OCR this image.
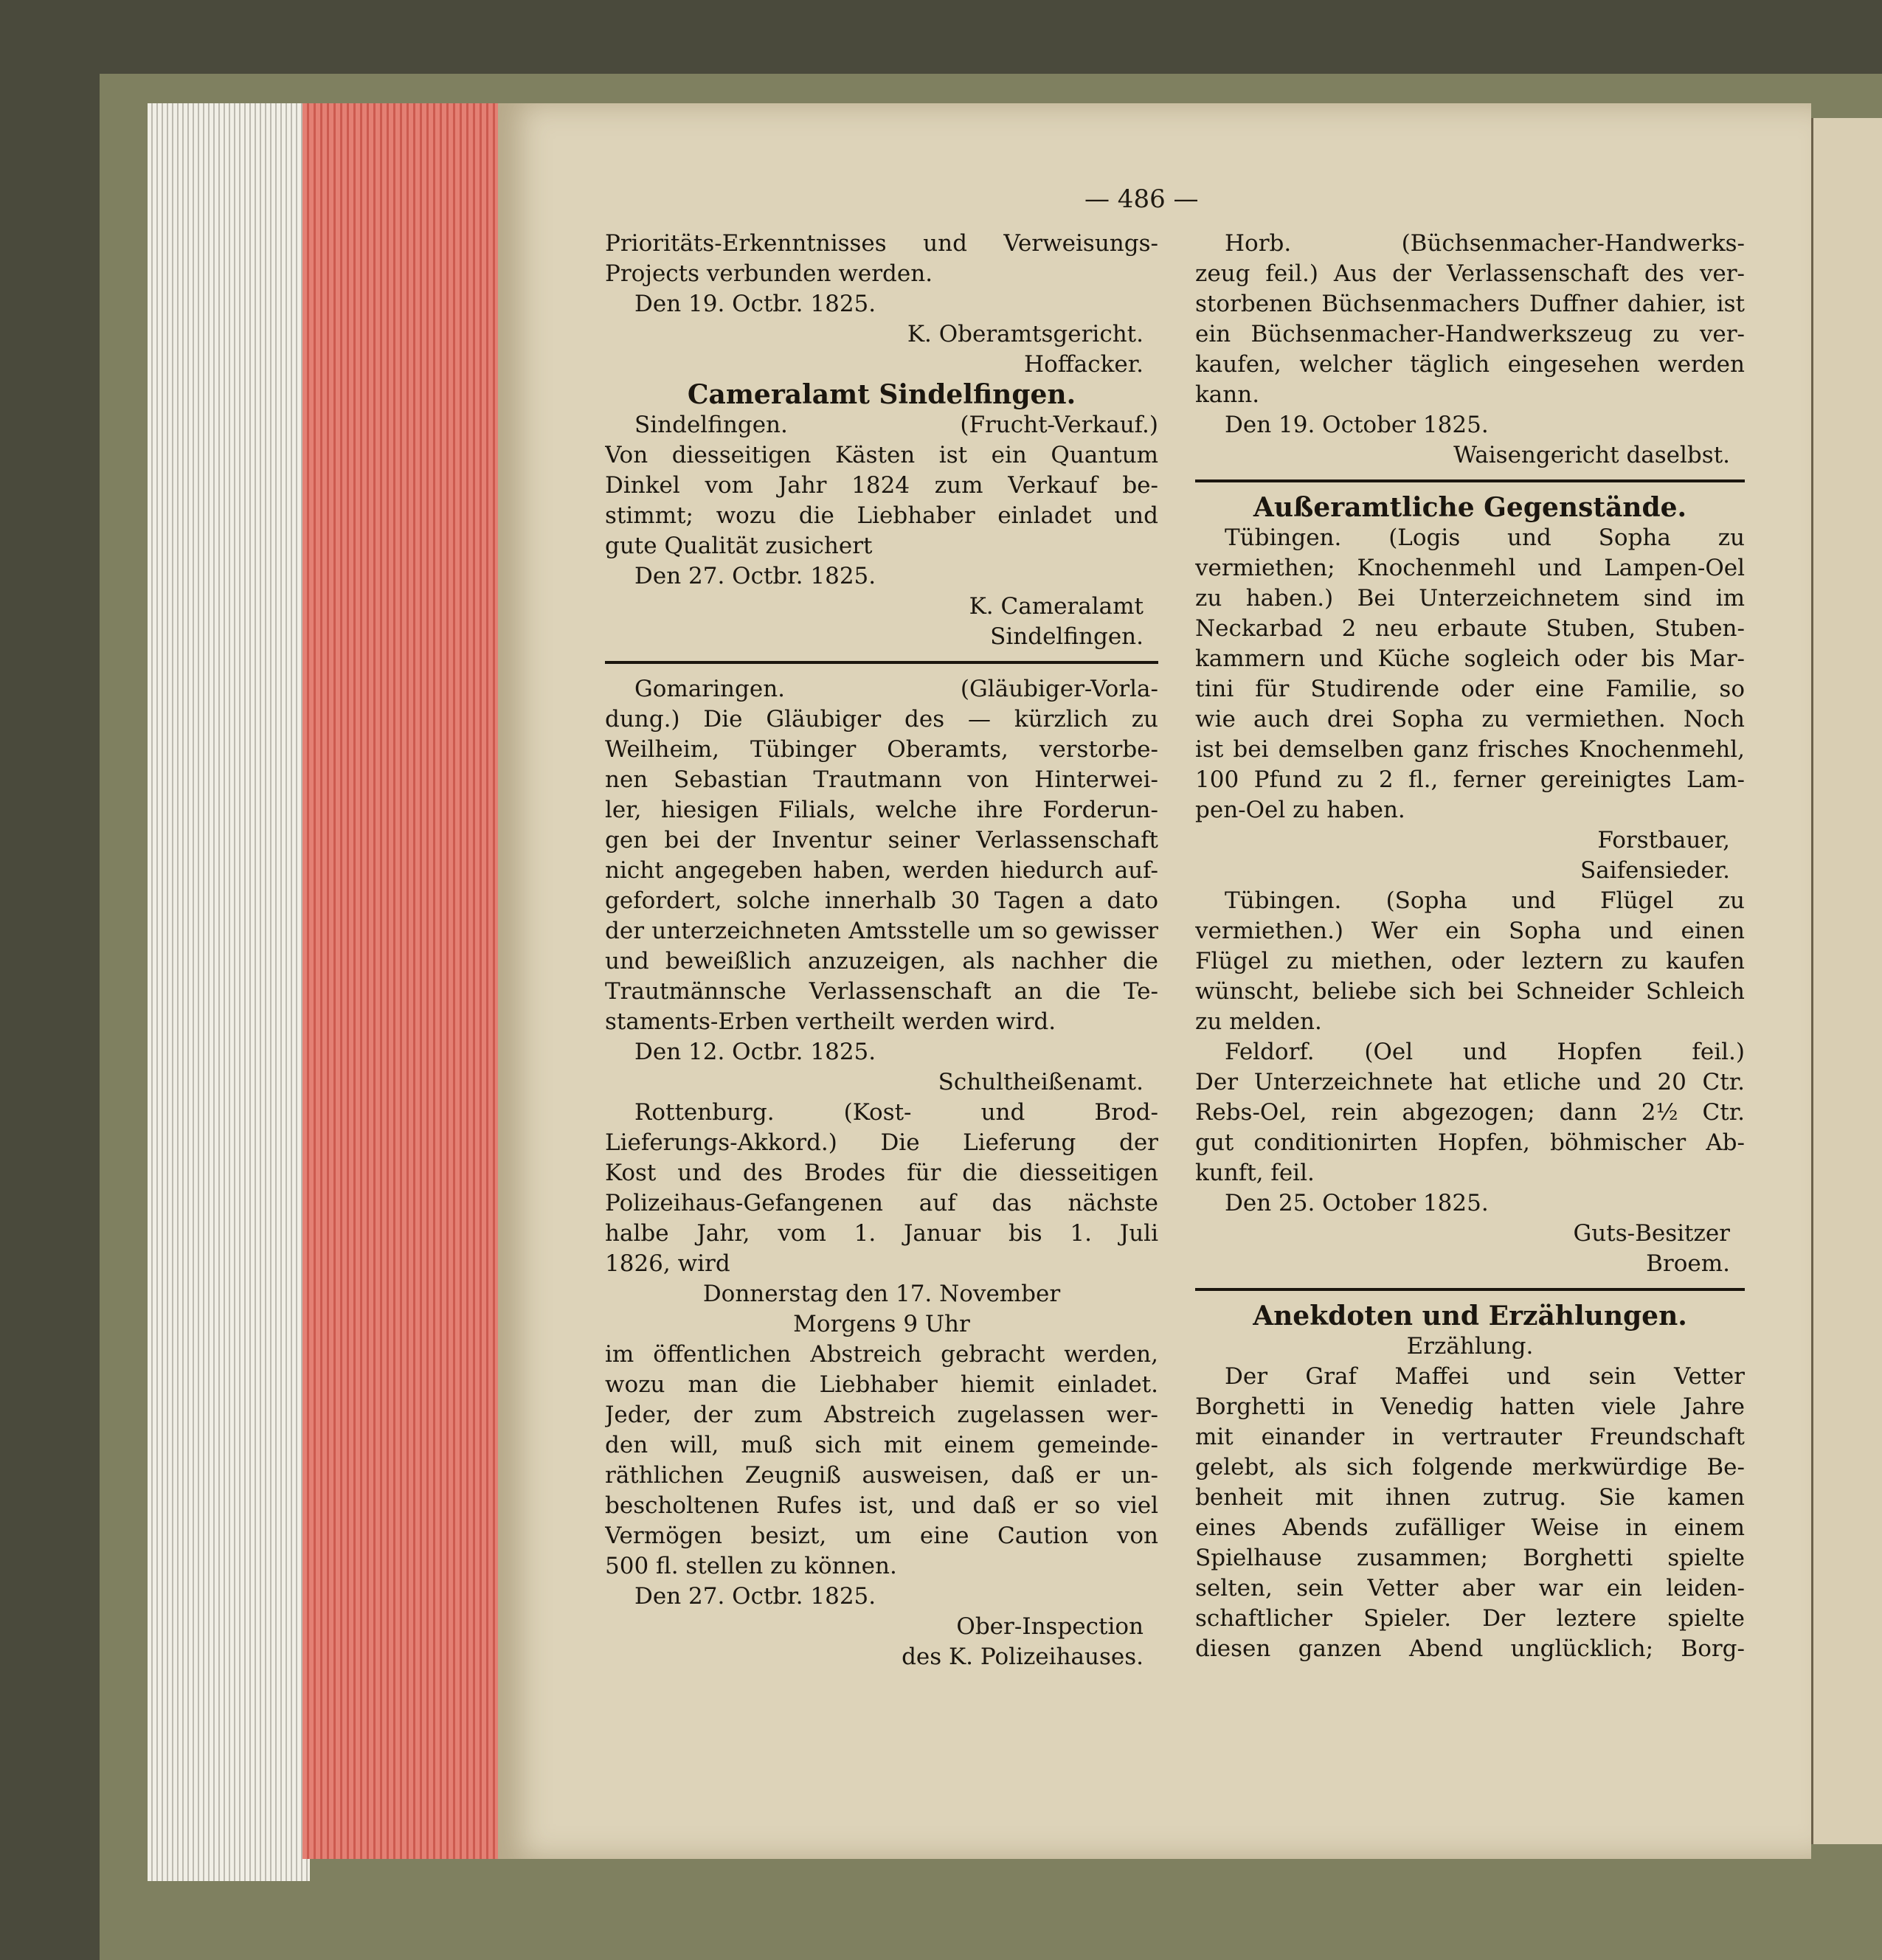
— 486 —
Prioritäts-Erkenntnisses und Verweisungs-
Projects verbunden werden.
Den 19. Octbr. 1825.
K. Oberamtsgericht.
Hoffacker.
Cameralamt Sindelfingen.
Sindelfingen. (Frucht-Verkauf.)
Von diesseitigen Kästen ist ein Quantum
Dinkel vom Jahr 1824 zum Verkauf be-
stimmt; wozu die Liebhaber einladet und
gute Qualität zusichert
Den 27. Octbr. 1825.
K. Cameralamt
Sindelfingen.
Gomaringen. (Gläubiger-Vorla-
dung.) Die Gläubiger des — kürzlich zu
Weilheim, Tübinger Oberamts, verstorbe-
nen Sebastian Trautmann von Hinterwei-
ler, hiesigen Filials, welche ihre Forderun-
gen bei der Inventur seiner Verlassenschaft
nicht angegeben haben, werden hiedurch auf-
gefordert, solche innerhalb 30 Tagen a dato
der unterzeichneten Amtsstelle um so gewisser
und beweißlich anzuzeigen, als nachher die
Trautmännsche Verlassenschaft an die Te-
staments-Erben vertheilt werden wird.
Den 12. Octbr. 1825.
Schultheißenamt.
Rottenburg. (Kost- und Brod-
Lieferungs-Akkord.) Die Lieferung der
Kost und des Brodes für die diesseitigen
Polizeihaus-Gefangenen auf das nächste
halbe Jahr, vom 1. Januar bis 1. Juli
1826, wird
Donnerstag den 17. November
Morgens 9 Uhr
im öffentlichen Abstreich gebracht werden,
wozu man die Liebhaber hiemit einladet.
Jeder, der zum Abstreich zugelassen wer-
den will, muß sich mit einem gemeinde-
räthlichen Zeugniß ausweisen, daß er un-
bescholtenen Rufes ist, und daß er so viel
Vermögen besizt, um eine Caution von
500 fl. stellen zu können.
Den 27. Octbr. 1825.
Ober-Inspection
des K. Polizeihauses.
Horb. (Büchsenmacher-Handwerks-
zeug feil.) Aus der Verlassenschaft des ver-
storbenen Büchsenmachers Duffner dahier, ist
ein Büchsenmacher-Handwerkszeug zu ver-
kaufen, welcher täglich eingesehen werden
kann.
Den 19. October 1825.
Waisengericht daselbst.
Außeramtliche Gegenstände.
Tübingen. (Logis und Sopha zu
vermiethen; Knochenmehl und Lampen-Oel
zu haben.) Bei Unterzeichnetem sind im
Neckarbad 2 neu erbaute Stuben, Stuben-
kammern und Küche sogleich oder bis Mar-
tini für Studirende oder eine Familie, so
wie auch drei Sopha zu vermiethen. Noch
ist bei demselben ganz frisches Knochenmehl,
100 Pfund zu 2 fl., ferner gereinigtes Lam-
pen-Oel zu haben.
Forstbauer,
Saifensieder.
Tübingen. (Sopha und Flügel zu
vermiethen.) Wer ein Sopha und einen
Flügel zu miethen, oder leztern zu kaufen
wünscht, beliebe sich bei Schneider Schleich
zu melden.
Feldorf. (Oel und Hopfen feil.)
Der Unterzeichnete hat etliche und 20 Ctr.
Rebs-Oel, rein abgezogen; dann 2½ Ctr.
gut conditionirten Hopfen, böhmischer Ab-
kunft, feil.
Den 25. October 1825.
Guts-Besitzer
Broem.
Anekdoten und Erzählungen.
Erzählung.
Der Graf Maffei und sein Vetter
Borghetti in Venedig hatten viele Jahre
mit einander in vertrauter Freundschaft
gelebt, als sich folgende merkwürdige Be-
benheit mit ihnen zutrug. Sie kamen
eines Abends zufälliger Weise in einem
Spielhause zusammen; Borghetti spielte
selten, sein Vetter aber war ein leiden-
schaftlicher Spieler. Der leztere spielte
diesen ganzen Abend unglücklich; Borg-
